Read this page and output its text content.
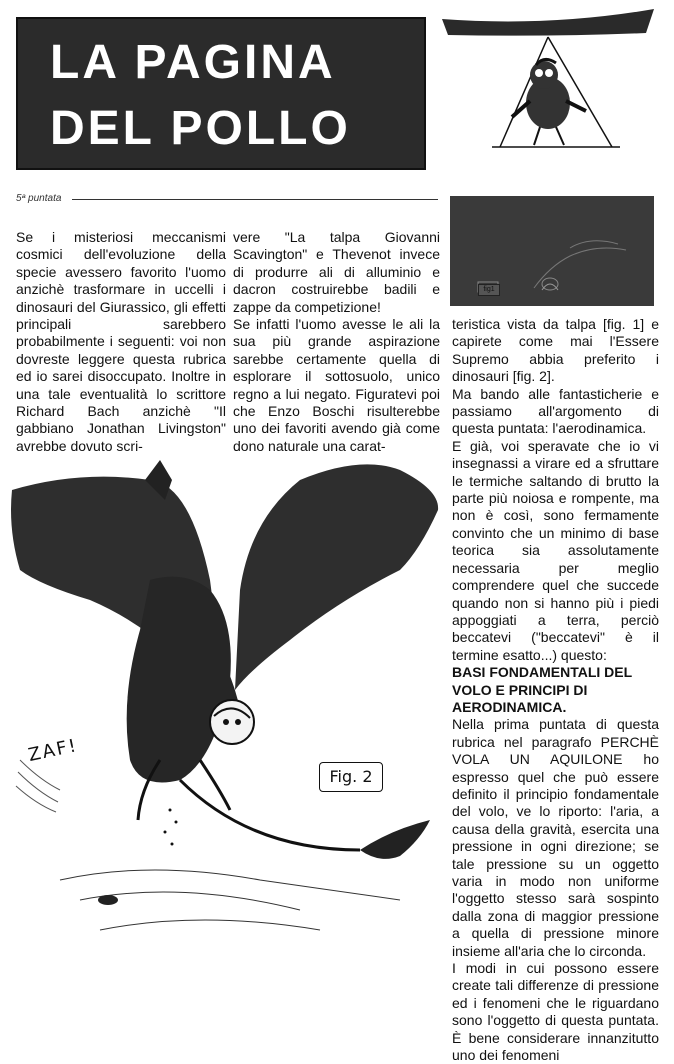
LA PAGINA
DEL POLLO
5ª puntata

Se i misteriosi meccanismi cosmici dell'evoluzione della specie avessero favorito l'uomo anzichè trasformare in uccelli i dinosauri del Giurassico, gli effetti principali sarebbero probabilmente i seguenti: voi non dovreste leggere questa rubrica ed io sarei disoccupato. Inoltre in una tale eventualità lo scrittore Richard Bach anzichè "Il gabbiano Jonathan Livingston" avrebbe dovuto scri-

vere "La talpa Giovanni Scavington" e Thevenot invece di produrre ali di alluminio e dacron costruirebbe badili e zappe da competizione!

Se infatti l'uomo avesse le ali la sua più grande aspirazione sarebbe certamente quella di esplorare il sottosuolo, unico regno a lui negato. Figuratevi poi che Enzo Boschi risulterebbe uno dei favoriti avendo già come dono naturale una carat-

teristica vista da talpa [fig. 1] e capirete come mai l'Essere Supremo abbia preferito i dinosauri [fig. 2].

Ma bando alle fantasticherie e passiamo all'argomento di questa puntata: l'aerodinamica.

E già, voi speravate che io vi insegnassi a virare ed a sfruttare le termiche saltando di brutto la parte più noiosa e rompente, ma non è così, sono fermamente convinto che un minimo di base teorica sia assolutamente necessaria per meglio comprendere quel che succede quando non si hanno più i piedi appoggiati a terra, perciò beccatevi ("beccatevi" è il termine esatto...) questo:

BASI FONDAMENTALI DEL VOLO E PRINCIPI DI AERODINAMICA.

Nella prima puntata di questa rubrica nel paragrafo PERCHÈ VOLA UN AQUILONE ho espresso quel che può essere definito il principio fondamentale del volo, ve lo riporto: l'aria, a causa della gravità, esercita una pressione in ogni direzione; se tale pressione su un oggetto varia in modo non uniforme l'oggetto stesso sarà sospinto dalla zona di maggior pressione a quella di pressione minore insieme all'aria che lo circonda.

I modi in cui possono essere create tali differenze di pressione ed i fenomeni che le riguardano sono l'oggetto di questa puntata. È bene considerare innanzitutto uno dei fenomeni

Fig. 2
ZAF!
fig1
